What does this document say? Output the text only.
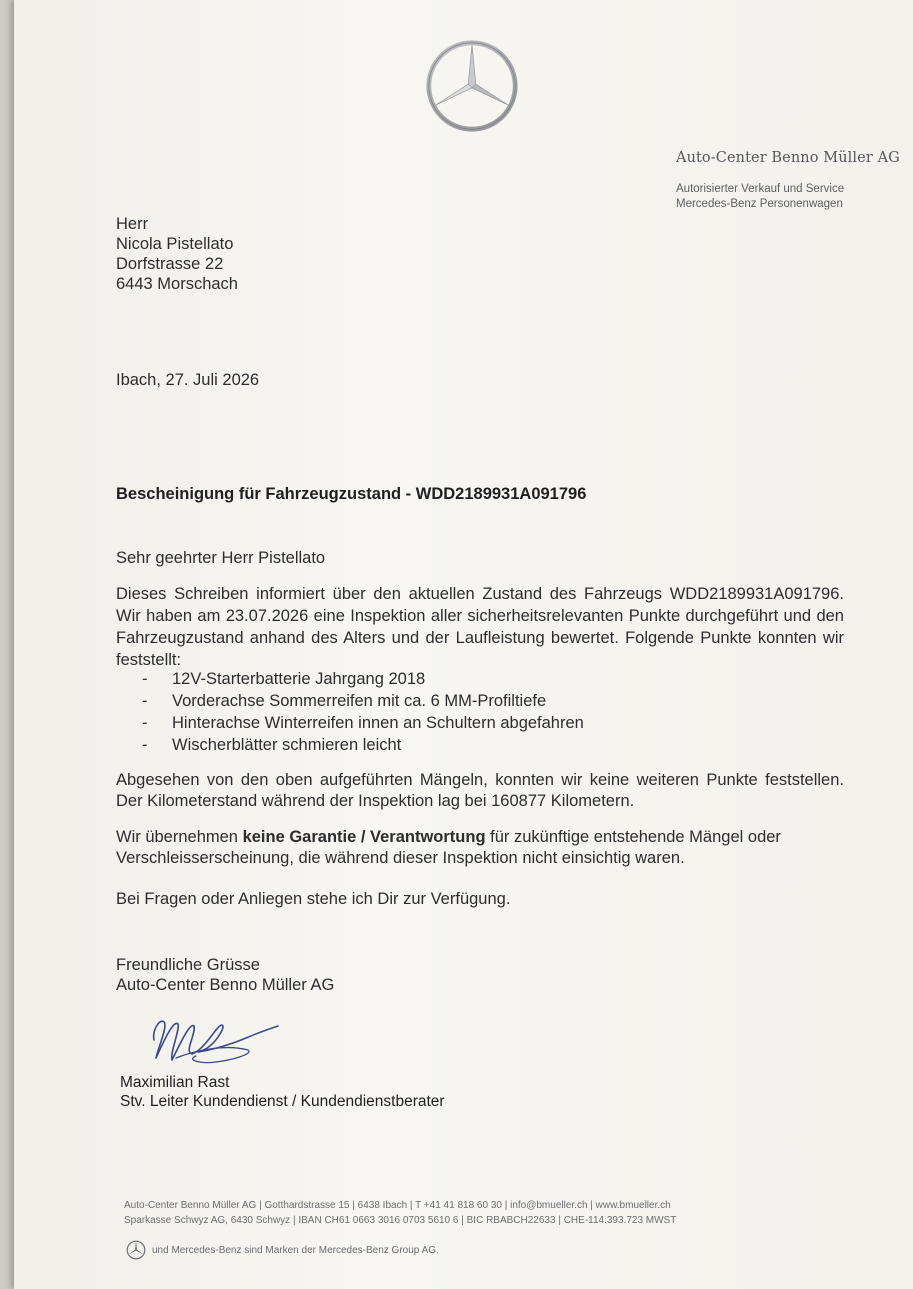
Auto-Center Benno Müller AG
Autorisierter Verkauf und Service
Mercedes-Benz Personenwagen
Herr
Nicola Pistellato
Dorfstrasse 22
6443 Morschach
Ibach, 27. Juli 2026
Bescheinigung für Fahrzeugzustand - WDD2189931A091796
Sehr geehrter Herr Pistellato
Dieses Schreiben informiert über den aktuellen Zustand des Fahrzeugs WDD2189931A091796. Wir haben am 23.07.2026 eine Inspektion aller sicherheitsrelevanten Punkte durchgeführt und den Fahrzeugzustand anhand des Alters und der Laufleistung bewertet. Folgende Punkte konnten wir feststellt:
- 12V-Starterbatterie Jahrgang 2018
- Vorderachse Sommerreifen mit ca. 6 MM-Profiltiefe
- Hinterachse Winterreifen innen an Schultern abgefahren
- Wischerblätter schmieren leicht
Abgesehen von den oben aufgeführten Mängeln, konnten wir keine weiteren Punkte feststellen. Der Kilometerstand während der Inspektion lag bei 160877 Kilometern.
Wir übernehmen keine Garantie / Verantwortung für zukünftige entstehende Mängel oder Verschleisserscheinung, die während dieser Inspektion nicht einsichtig waren.
Bei Fragen oder Anliegen stehe ich Dir zur Verfügung.
Freundliche Grüsse
Auto-Center Benno Müller AG
Maximilian Rast
Stv. Leiter Kundendienst / Kundendienstberater
Auto-Center Benno Müller AG | Gotthardstrasse 15 | 6438 Ibach | T +41 41 818 60 30 | info@bmueller.ch | www.bmueller.ch
Sparkasse Schwyz AG, 6430 Schwyz | IBAN CH61 0663 3016 0703 5610 6 | BIC RBABCH22633 | CHE-114.393.723 MWST
und Mercedes-Benz sind Marken der Mercedes-Benz Group AG.
